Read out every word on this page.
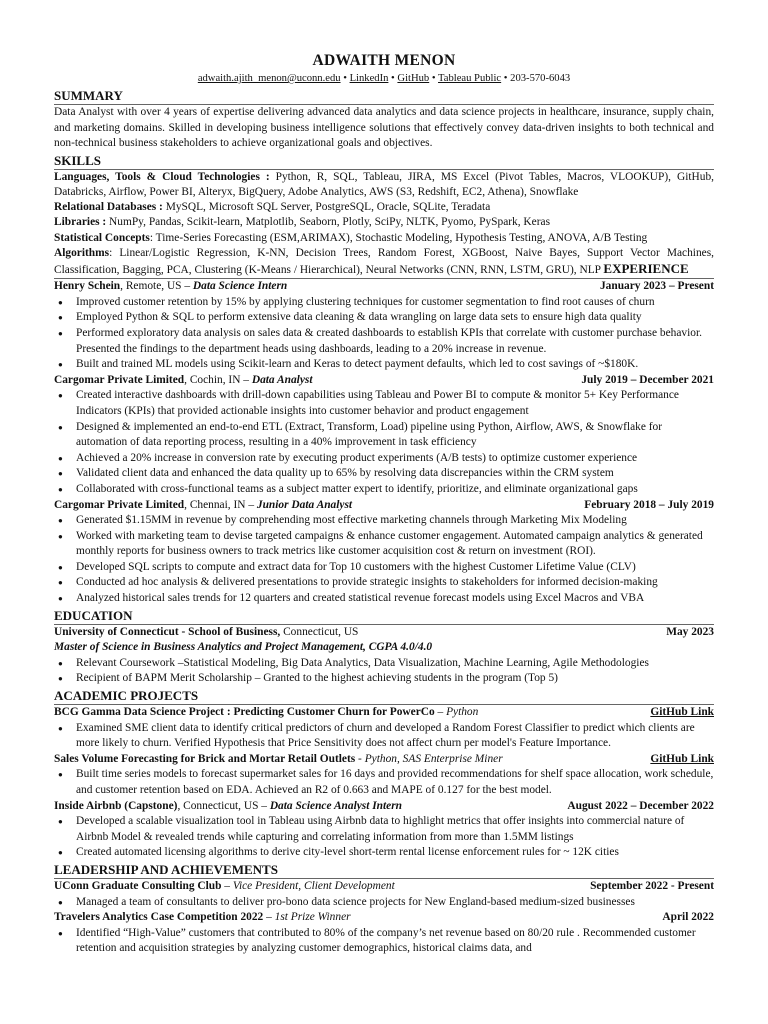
ADWAITH MENON
adwaith.ajith_menon@uconn.edu • LinkedIn • GitHub • Tableau Public • 203-570-6043
SUMMARY
Data Analyst with over 4 years of expertise delivering advanced data analytics and data science projects in healthcare, insurance, supply chain, and marketing domains. Skilled in developing business intelligence solutions that effectively convey data-driven insights to both technical and non-technical business stakeholders to achieve organizational goals and objectives.
SKILLS
Languages, Tools & Cloud Technologies : Python, R, SQL, Tableau, JIRA, MS Excel (Pivot Tables, Macros, VLOOKUP), GitHub, Databricks, Airflow, Power BI, Alteryx, BigQuery, Adobe Analytics, AWS (S3, Redshift, EC2, Athena), Snowflake
Relational Databases : MySQL, Microsoft SQL Server, PostgreSQL, Oracle, SQLite, Teradata
Libraries : NumPy, Pandas, Scikit-learn, Matplotlib, Seaborn, Plotly, SciPy, NLTK, Pyomo, PySpark, Keras
Statistical Concepts: Time-Series Forecasting (ESM,ARIMAX), Stochastic Modeling, Hypothesis Testing, ANOVA, A/B Testing
Algorithms: Linear/Logistic Regression, K-NN, Decision Trees, Random Forest, XGBoost, Naive Bayes, Support Vector Machines, Classification, Bagging, PCA, Clustering (K-Means / Hierarchical), Neural Networks (CNN, RNN, LSTM, GRU), NLP EXPERIENCE
Henry Schein, Remote, US – Data Science Intern	January 2023 – Present
● Improved customer retention by 15% by applying clustering techniques for customer segmentation to find root causes of churn
● Employed Python & SQL to perform extensive data cleaning & data wrangling on large data sets to ensure high data quality
● Performed exploratory data analysis on sales data & created dashboards to establish KPIs that correlate with customer purchase behavior. Presented the findings to the department heads using dashboards, leading to a 20% increase in revenue.
● Built and trained ML models using Scikit-learn and Keras to detect payment defaults, which led to cost savings of ~$180K.
Cargomar Private Limited, Cochin, IN – Data Analyst	July 2019 – December 2021
● Created interactive dashboards with drill-down capabilities using Tableau and Power BI to compute & monitor 5+ Key Performance Indicators (KPIs) that provided actionable insights into customer behavior and product engagement
● Designed & implemented an end-to-end ETL (Extract, Transform, Load) pipeline using Python, Airflow, AWS, & Snowflake for automation of data reporting process, resulting in a 40% improvement in task efficiency
● Achieved a 20% increase in conversion rate by executing product experiments (A/B tests) to optimize customer experience
● Validated client data and enhanced the data quality up to 65% by resolving data discrepancies within the CRM system
● Collaborated with cross-functional teams as a subject matter expert to identify, prioritize, and eliminate organizational gaps
Cargomar Private Limited, Chennai, IN – Junior Data Analyst	February 2018 – July 2019
● Generated $1.15MM in revenue by comprehending most effective marketing channels through Marketing Mix Modeling
● Worked with marketing team to devise targeted campaigns & enhance customer engagement. Automated campaign analytics & generated monthly reports for business owners to track metrics like customer acquisition cost & return on investment (ROI).
● Developed SQL scripts to compute and extract data for Top 10 customers with the highest Customer Lifetime Value (CLV)
● Conducted ad hoc analysis & delivered presentations to provide strategic insights to stakeholders for informed decision-making
● Analyzed historical sales trends for 12 quarters and created statistical revenue forecast models using Excel Macros and VBA
EDUCATION
University of Connecticut - School of Business, Connecticut, US	May 2023
Master of Science in Business Analytics and Project Management, CGPA 4.0/4.0
● Relevant Coursework –Statistical Modeling, Big Data Analytics, Data Visualization, Machine Learning, Agile Methodologies
● Recipient of BAPM Merit Scholarship – Granted to the highest achieving students in the program (Top 5)
ACADEMIC PROJECTS
BCG Gamma Data Science Project : Predicting Customer Churn for PowerCo – Python	GitHub Link
● Examined SME client data to identify critical predictors of churn and developed a Random Forest Classifier to predict which clients are more likely to churn. Verified Hypothesis that Price Sensitivity does not affect churn per model's Feature Importance.
Sales Volume Forecasting for Brick and Mortar Retail Outlets - Python, SAS Enterprise Miner	GitHub Link
● Built time series models to forecast supermarket sales for 16 days and provided recommendations for shelf space allocation, work schedule, and customer retention based on EDA. Achieved an R2 of 0.663 and MAPE of 0.127 for the best model.
Inside Airbnb (Capstone), Connecticut, US – Data Science Analyst Intern	August 2022 – December 2022
● Developed a scalable visualization tool in Tableau using Airbnb data to highlight metrics that offer insights into commercial nature of Airbnb Model & revealed trends while capturing and correlating information from more than 1.5MM listings
● Created automated licensing algorithms to derive city-level short-term rental license enforcement rules for ~ 12K cities
LEADERSHIP AND ACHIEVEMENTS
UConn Graduate Consulting Club – Vice President, Client Development	September 2022 - Present
● Managed a team of consultants to deliver pro-bono data science projects for New England-based medium-sized businesses
Travelers Analytics Case Competition 2022 – 1st Prize Winner	April 2022
● Identified “High-Value” customers that contributed to 80% of the company’s net revenue based on 80/20 rule . Recommended customer retention and acquisition strategies by analyzing customer demographics, historical claims data, and
